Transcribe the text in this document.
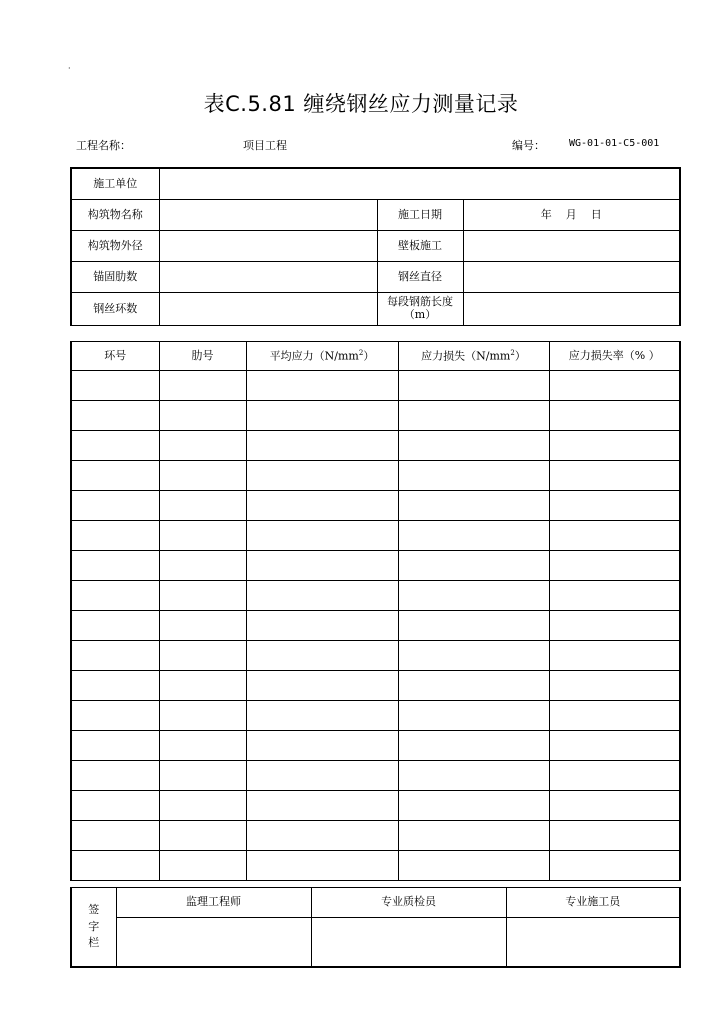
·
表C.5.81 缠绕钢丝应力测量记录
工程名称：	项目工程	编号： WG-01-01-C5-001
施工单位			
构筑物名称		施工日期	年    月    日
构筑物外径		壁板施工	
锚固肋数		钢丝直径	
钢丝环数		每段钢筋长度
（m）	

环号	肋号	平均应力$(N/mm^2)$	应力损失$(N/mm^2)$	应力损失率（% ）

签
字
栏	监理工程师	专业质检员	专业施工员
